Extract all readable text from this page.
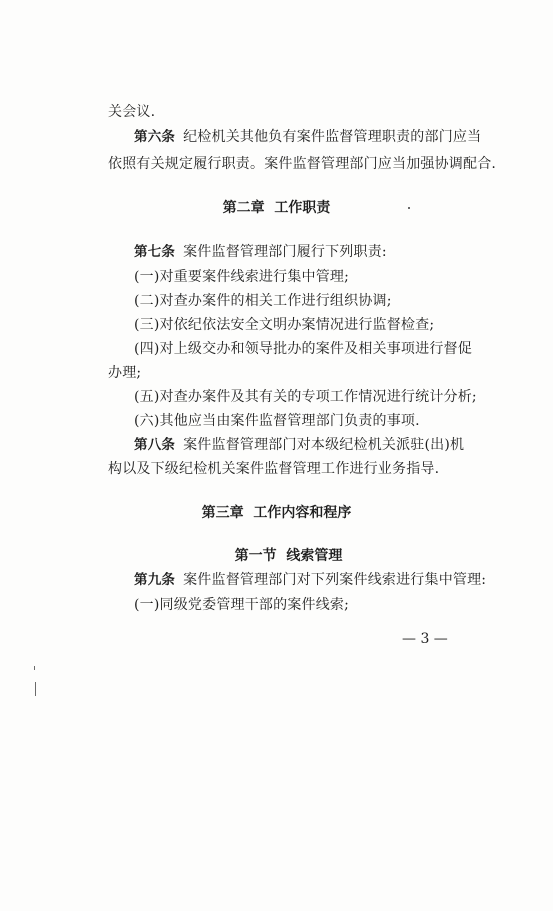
关会议.
第六条 纪检机关其他负有案件监督管理职责的部门应当
依照有关规定履行职责。案件监督管理部门应当加强协调配合.
第二章  工作职责
第七条 案件监督管理部门履行下列职责:
(一)对重要案件线索进行集中管理;
(二)对查办案件的相关工作进行组织协调;
(三)对依纪依法安全文明办案情况进行监督检查;
(四)对上级交办和领导批办的案件及相关事项进行督促
办理;
(五)对查办案件及其有关的专项工作情况进行统计分析;
(六)其他应当由案件监督管理部门负责的事项.
第八条 案件监督管理部门对本级纪检机关派驻(出)机
构以及下级纪检机关案件监督管理工作进行业务指导.
第三章  工作内容和程序
第一节  线索管理
第九条 案件监督管理部门对下列案件线索进行集中管理:
(一)同级党委管理干部的案件线索;
— 3 —
